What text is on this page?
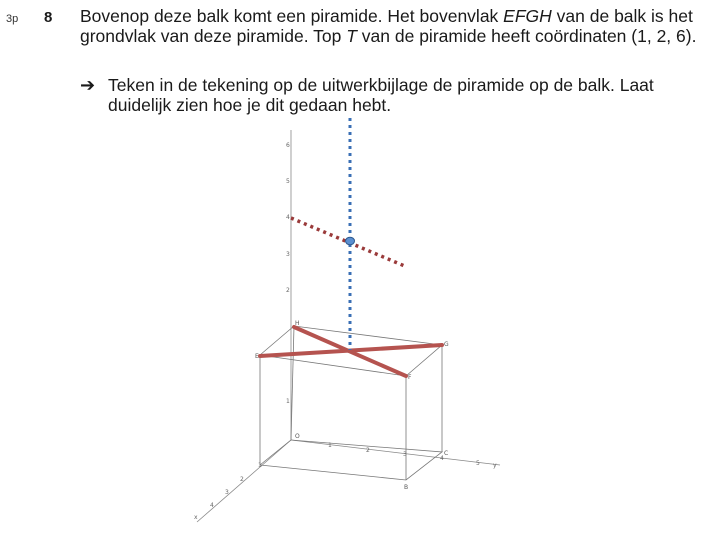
3p 8 Bovenop deze balk komt een piramide. Het bovenvlak EFGH van de balk is het grondvlak van deze piramide. Top T van de piramide heeft coördinaten (1, 2, 6).

➔ Teken in de tekening op de uitwerkbijlage de piramide op de balk. Laat duidelijk zien hoe je dit gedaan hebt.
6
5
4
3
2
1
1
2
3
4
1
2
3
4
5 y
x
O
E
H
G
F
C
B
